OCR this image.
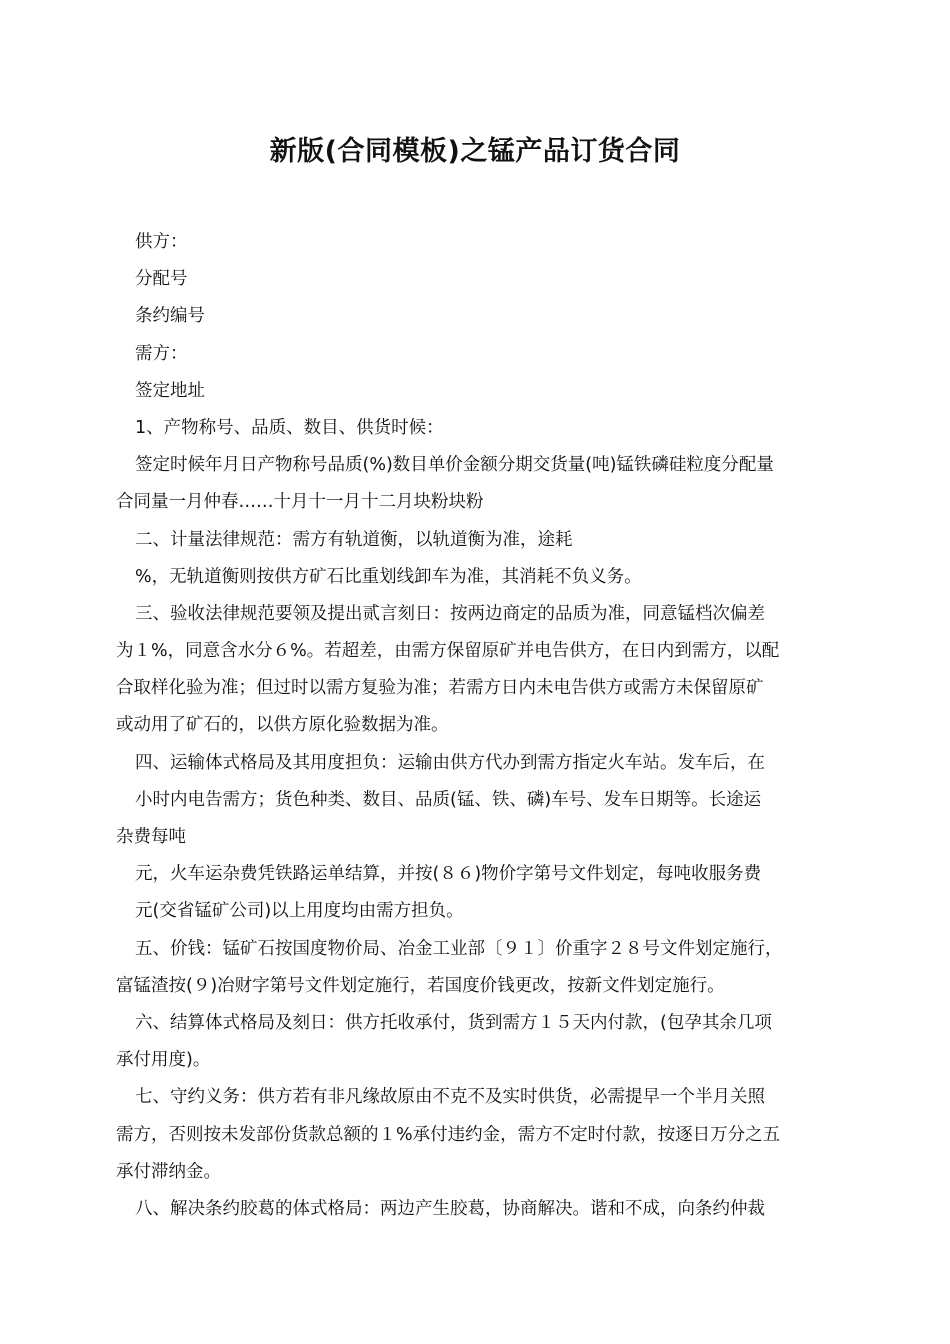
新版(合同模板)之锰产品订货合同
供方：
分配号
条约编号
需方：
签定地址
1、产物称号、品质、数目、供货时候：
签定时候年月日产物称号品质(%)数目单价金额分期交货量(吨)锰铁磷硅粒度分配量
合同量一月仲春……十月十一月十二月块粉块粉
二、计量法律规范：需方有轨道衡，以轨道衡为准，途耗
%，无轨道衡则按供方矿石比重划线卸车为准，其消耗不负义务。
三、验收法律规范要领及提出贰言刻日：按两边商定的品质为准，同意锰档次偏差
为１%，同意含水分６%。若超差，由需方保留原矿并电告供方，在日内到需方，以配
合取样化验为准；但过时以需方复验为准；若需方日内未电告供方或需方未保留原矿
或动用了矿石的，以供方原化验数据为准。
四、运输体式格局及其用度担负：运输由供方代办到需方指定火车站。发车后，在
小时内电告需方；货色种类、数目、品质(锰、铁、磷)车号、发车日期等。长途运
杂费每吨
元，火车运杂费凭铁路运单结算，并按(８６)物价字第号文件划定，每吨收服务费
元(交省锰矿公司)以上用度均由需方担负。
五、价钱：锰矿石按国度物价局、冶金工业部〔９１〕价重字２８号文件划定施行，
富锰渣按(９)冶财字第号文件划定施行，若国度价钱更改，按新文件划定施行。
六、结算体式格局及刻日：供方托收承付，货到需方１５天内付款，(包孕其余几项
承付用度)。
七、守约义务：供方若有非凡缘故原由不克不及实时供货，必需提早一个半月关照
需方，否则按未发部份货款总额的１%承付违约金，需方不定时付款，按逐日万分之五
承付滞纳金。
八、解决条约胶葛的体式格局：两边产生胶葛，协商解决。谐和不成，向条约仲裁
